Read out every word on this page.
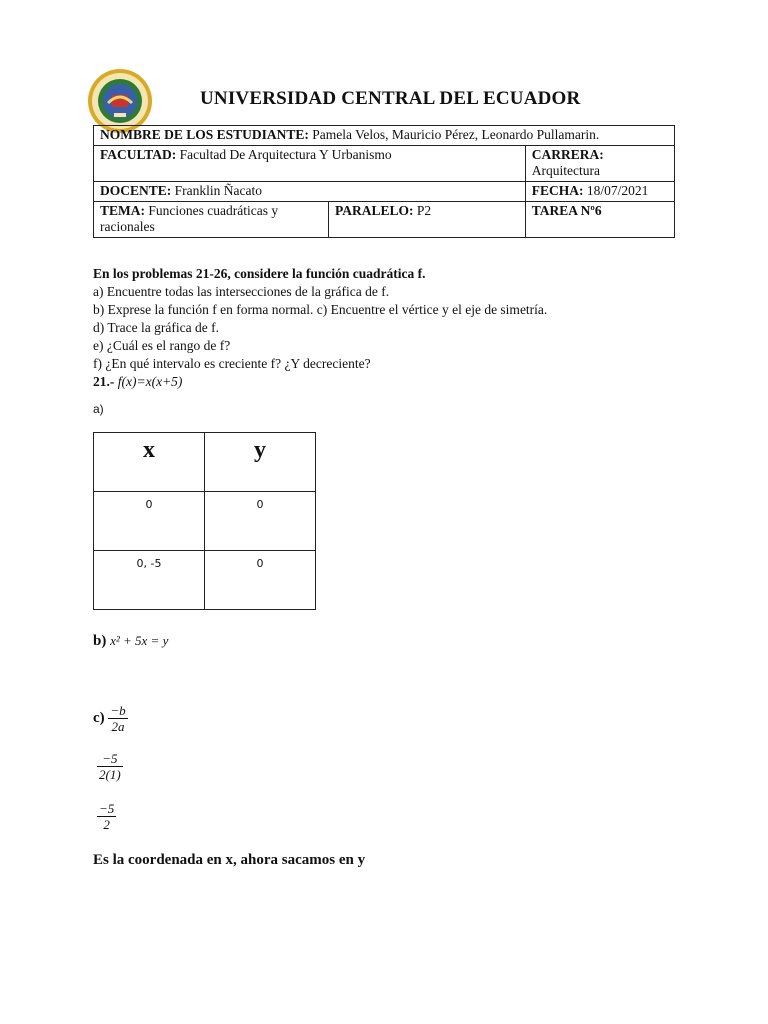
UNIVERSIDAD CENTRAL DEL ECUADOR
NOMBRE DE LOS ESTUDIANTE: Pamela Velos, Mauricio Pérez, Leonardo Pullamarin.		
FACULTAD: Facultad De Arquitectura Y Urbanismo		CARRERA:
Arquitectura

DOCENTE: Franklin Ñacato		FECHA: 18/07/2021
TEMA: Funciones cuadráticas y racionales	PARALELO: P2	TAREA Nº6
En los problemas 21-26, considere la función cuadrática f.
a) Encuentre todas las intersecciones de la gráfica de f.
b) Exprese la función f en forma normal. c) Encuentre el vértice y el eje de simetría.
d) Trace la gráfica de f.
e) ¿Cuál es el rango de f?
f) ¿En qué intervalo es creciente f? ¿Y decreciente?
21.- f(x)=x(x+5)
a)
x	y

0	0

0, -5	0
b) x² + 5x = y
$c) \frac{-b}{2a}$
$\frac{-5}{2(1)}$
$\frac{-5}{2}$
Es la coordenada en x, ahora sacamos en y
